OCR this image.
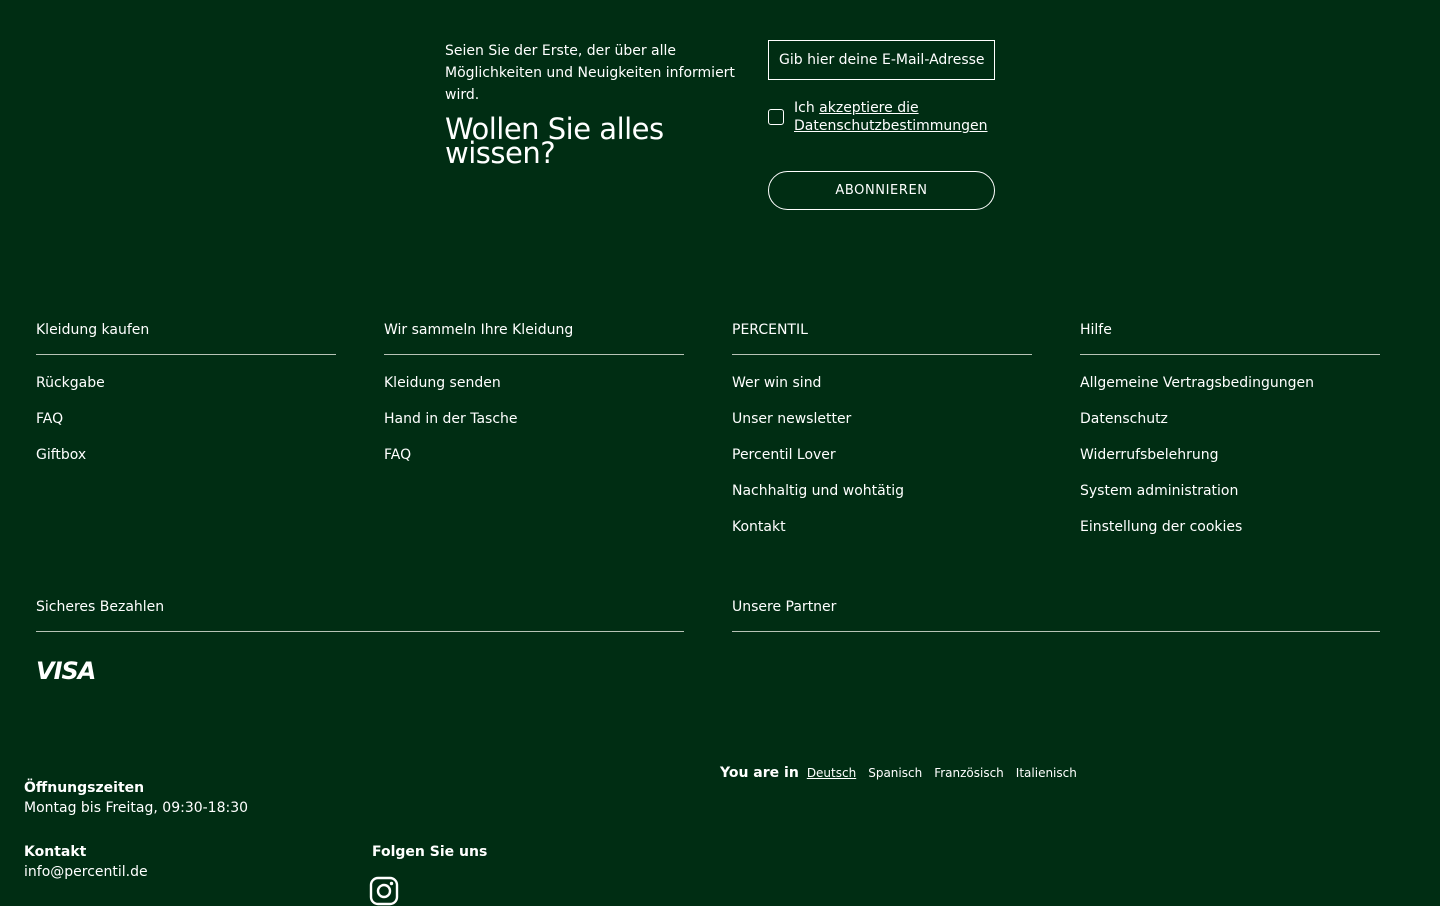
Seien Sie der Erste, der über alle Möglichkeiten und Neuigkeiten informiert wird.
Wollen Sie alles wissen?
Gib hier deine E-Mail-Adresse ein
Ich akzeptiere die Datenschutzbestimmungen
ABONNIEREN
Kleidung kaufen
Rückgabe
FAQ
Giftbox
Wir sammeln Ihre Kleidung
Kleidung senden
Hand in der Tasche
FAQ
PERCENTIL
Wer win sind
Unser newsletter
Percentil Lover
Nachhaltig und wohtätig
Kontakt
Hilfe
Allgemeine Vertragsbedingungen
Datenschutz
Widerrufsbelehrung
System administration
Einstellung der cookies
Sicheres Bezahlen
VISA
Unsere Partner
You are in Deutsch Spanisch Französisch Italienisch
Öffnungszeiten
Montag bis Freitag, 09:30-18:30
Kontakt
info@percentil.de
Folgen Sie uns
